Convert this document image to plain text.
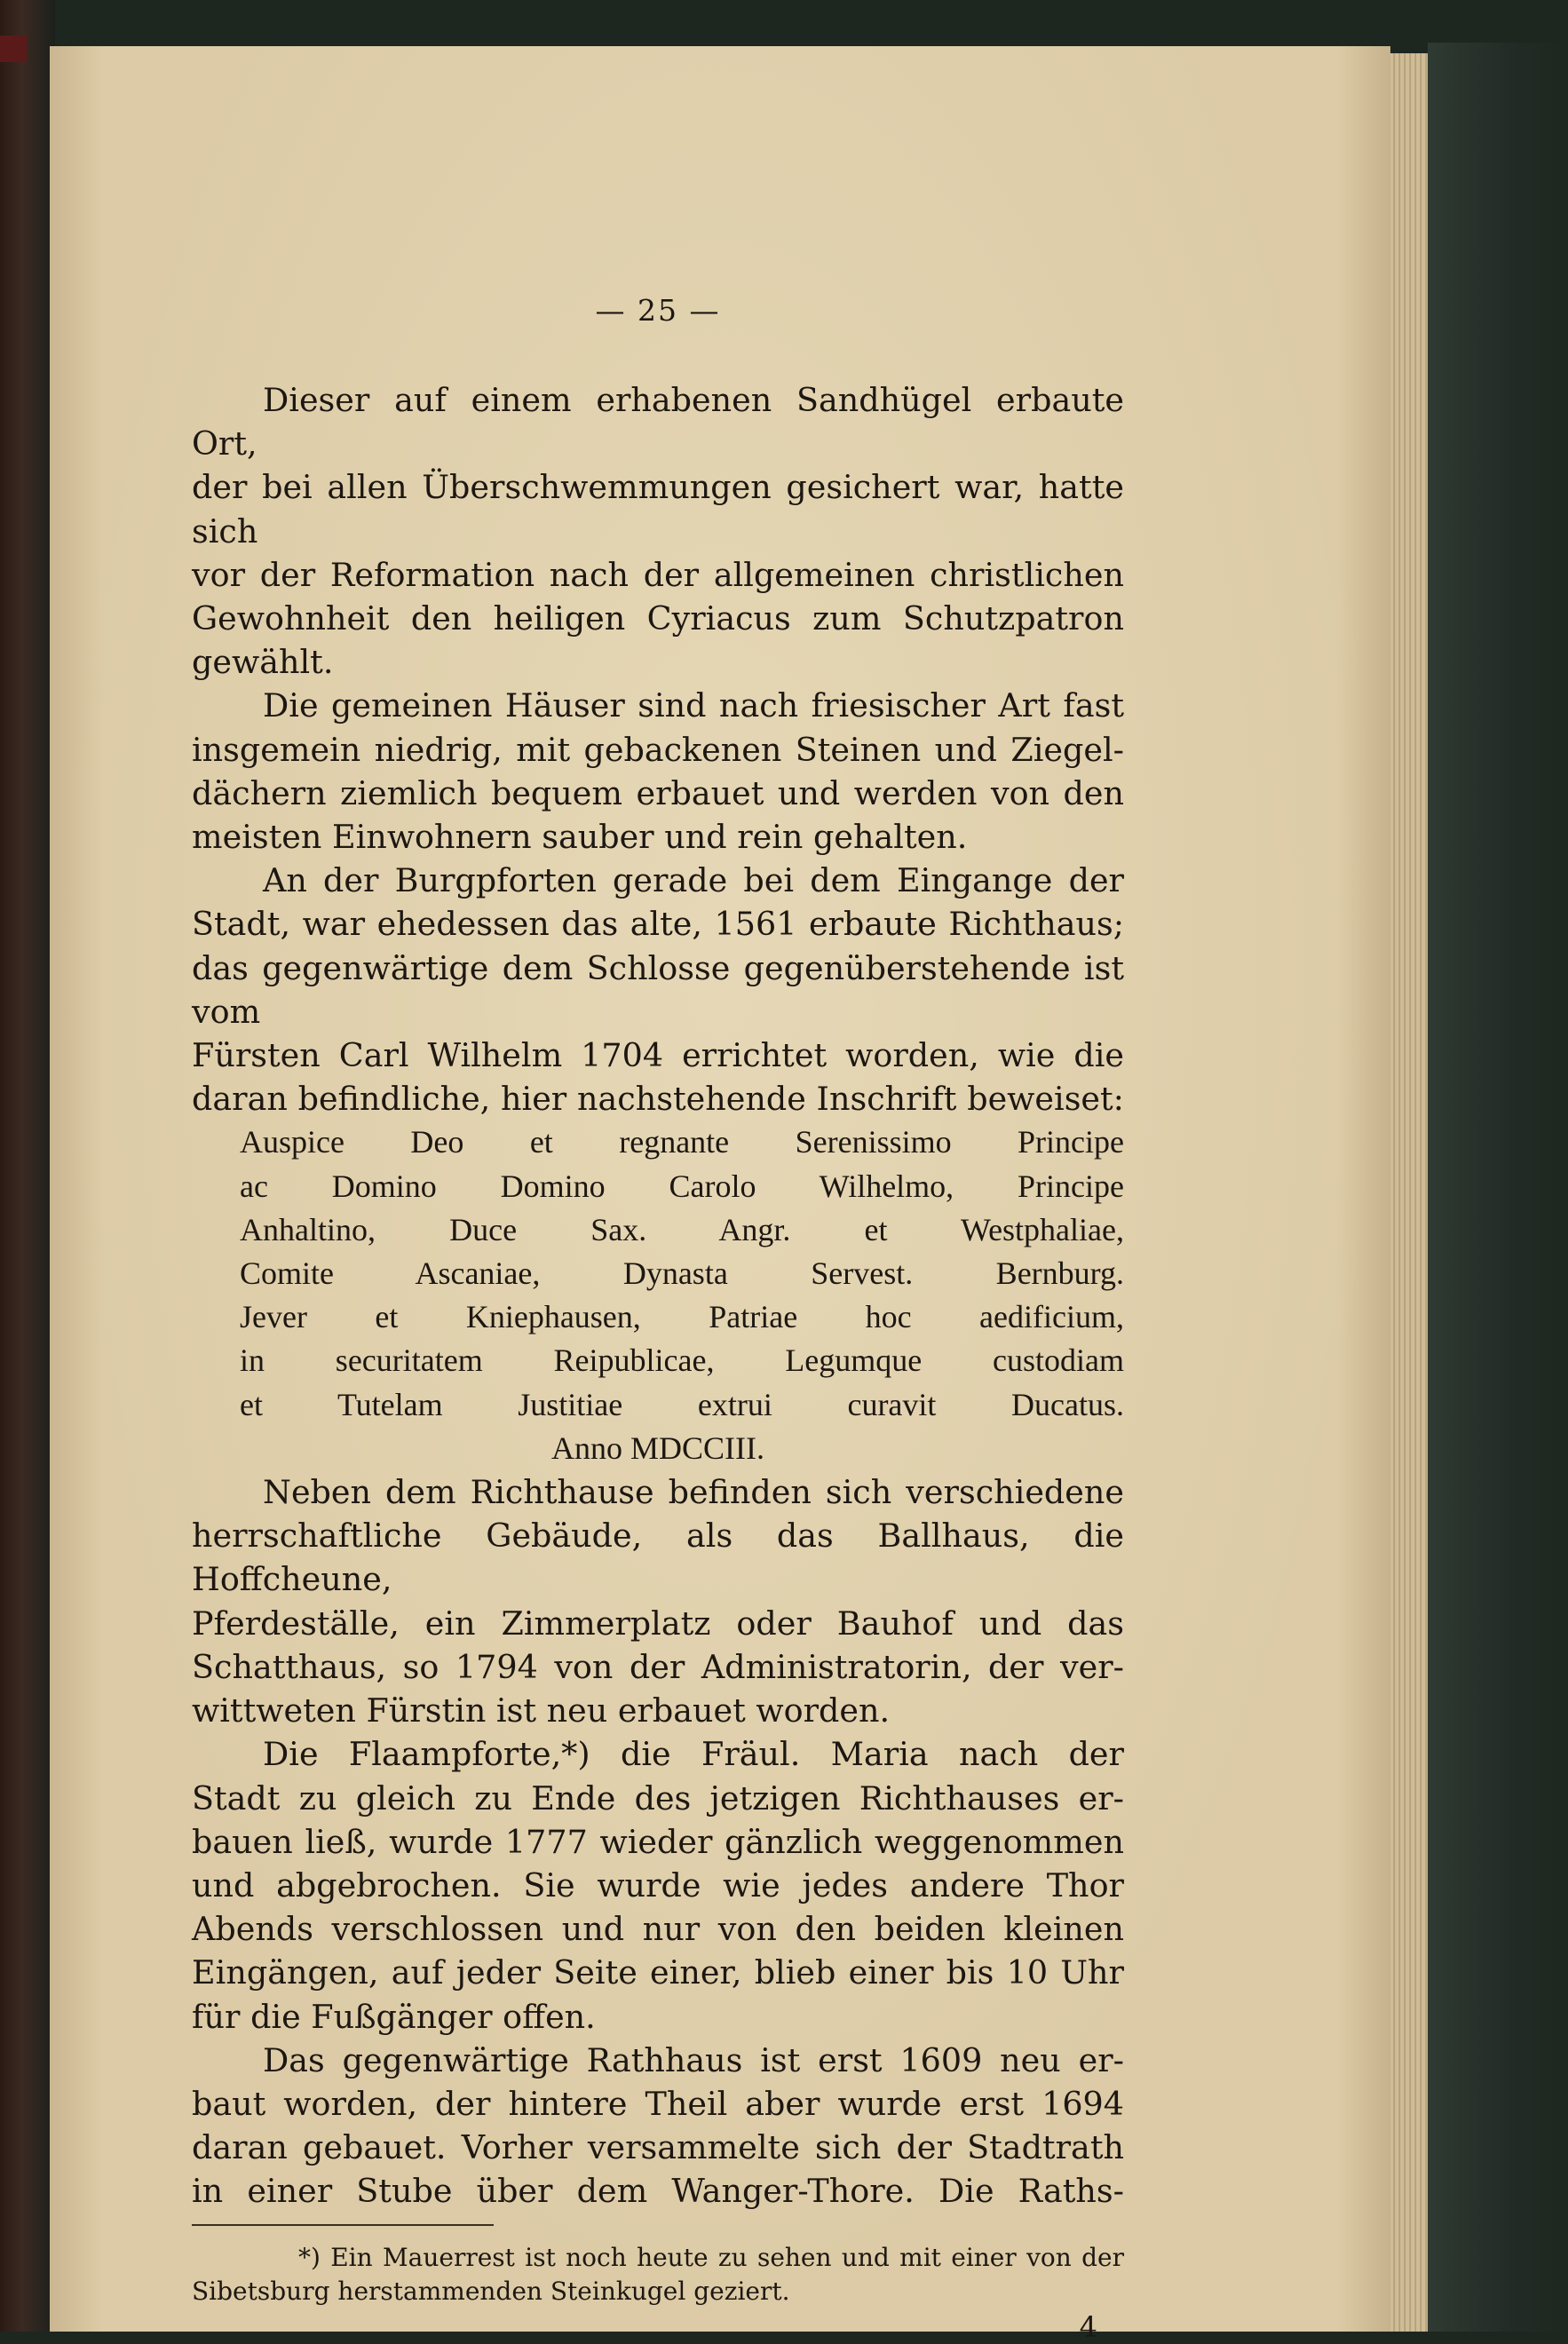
— 25 —
Dieser auf einem erhabenen Sandhügel erbaute Ort,
der bei allen Überschwemmungen gesichert war, hatte sich
vor der Reformation nach der allgemeinen christlichen
Gewohnheit den heiligen Cyriacus zum Schutzpatron
gewählt.
Die gemeinen Häuser sind nach friesischer Art fast
insgemein niedrig, mit gebackenen Steinen und Ziegel-
dächern ziemlich bequem erbauet und werden von den
meisten Einwohnern sauber und rein gehalten.
An der Burgpforten gerade bei dem Eingange der
Stadt, war ehedessen das alte, 1561 erbaute Richthaus;
das gegenwärtige dem Schlosse gegenüberstehende ist vom
Fürsten Carl Wilhelm 1704 errichtet worden, wie die
daran befindliche, hier nachstehende Inschrift beweiset:
Auspice Deo et regnante Serenissimo Principe
ac Domino Domino Carolo Wilhelmo, Principe
Anhaltino, Duce Sax. Angr. et Westphaliae,
Comite Ascaniae, Dynasta Servest. Bernburg.
Jever et Kniephausen, Patriae hoc aedificium,
in securitatem Reipublicae, Legumque custodiam
et Tutelam Justitiae extrui curavit Ducatus.
Anno MDCCIII.
Neben dem Richthause befinden sich verschiedene
herrschaftliche Gebäude, als das Ballhaus, die Hoffcheune,
Pferdeställe, ein Zimmerplatz oder Bauhof und das
Schatthaus, so 1794 von der Administratorin, der ver-
wittweten Fürstin ist neu erbauet worden.
Die Flaampforte,*) die Fräul. Maria nach der
Stadt zu gleich zu Ende des jetzigen Richthauses er-
bauen ließ, wurde 1777 wieder gänzlich weggenommen
und abgebrochen. Sie wurde wie jedes andere Thor
Abends verschlossen und nur von den beiden kleinen
Eingängen, auf jeder Seite einer, blieb einer bis 10 Uhr
für die Fußgänger offen.
Das gegenwärtige Rathhaus ist erst 1609 neu er-
baut worden, der hintere Theil aber wurde erst 1694
daran gebauet. Vorher versammelte sich der Stadtrath
in einer Stube über dem Wanger-Thore. Die Raths-
*) Ein Mauerrest ist noch heute zu sehen und mit einer von der Sibetsburg herstammenden Steinkugel geziert.
4
